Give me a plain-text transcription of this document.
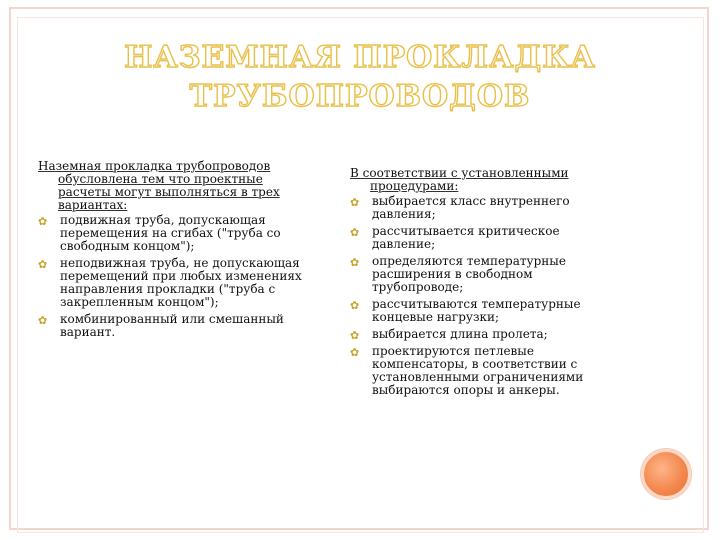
НАЗЕМНАЯ ПРОКЛАДКА
ТРУБОПРОВОДОВ

Наземная прокладка трубопроводов обусловлена тем что проектные расчеты могут выполняться в трех вариантах:

✿ подвижная труба, допускающая перемещения на сгибах ("труба со свободным концом");
✿ неподвижная труба, не допускающая перемещений при любых изменениях направления прокладки ("труба с закрепленным концом");
✿ комбинированный или смешанный вариант.

В соответствии с установленными процедурами:

✿ выбирается класс внутреннего давления;
✿ рассчитывается критическое давление;
✿ определяются температурные расширения в свободном трубопроводе;
✿ рассчитываются температурные концевые нагрузки;
✿ выбирается длина пролета;
✿ проектируются петлевые компенсаторы, в соответствии с установленными ограничениями выбираются опоры и анкеры.
